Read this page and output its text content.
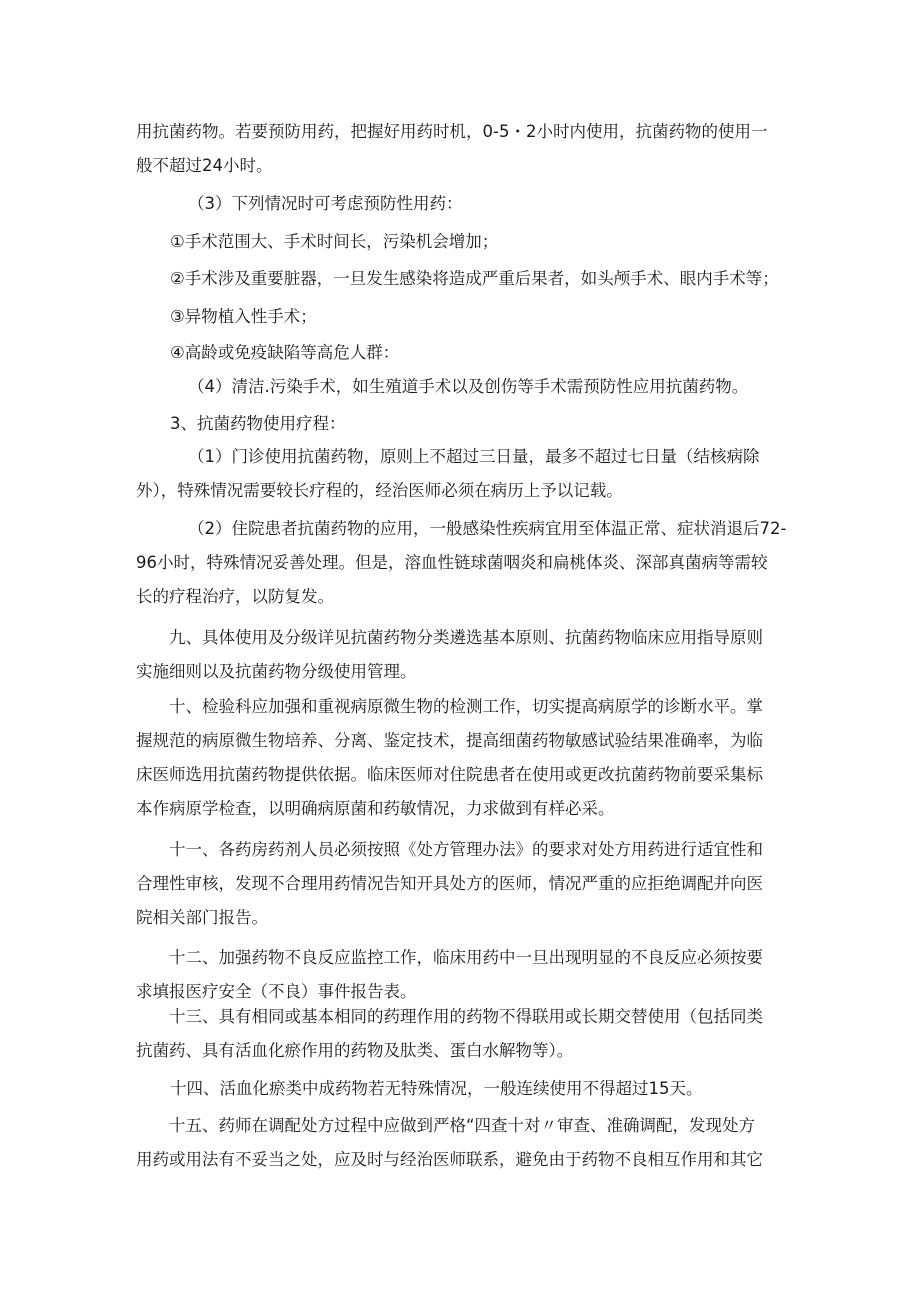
用抗菌药物。若要预防用药，把握好用药时机，0-5・2小时内使用，抗菌药物的使用一
般不超过24小时。

（3）下列情况时可考虑预防性用药：

①手术范围大、手术时间长，污染机会增加；

②手术涉及重要脏器，一旦发生感染将造成严重后果者，如头颅手术、眼内手术等；

③异物植入性手术；

④高龄或免疫缺陷等高危人群：

（4）清洁.污染手术，如生殖道手术以及创伤等手术需预防性应用抗菌药物。

3、抗菌药物使用疗程：

（1）门诊使用抗菌药物，原则上不超过三日量，最多不超过七日量（结核病除
外），特殊情况需要较长疗程的，经治医师必须在病历上予以记载。

（2）住院患者抗菌药物的应用，一般感染性疾病宜用至体温正常、症状消退后72-
96小时，特殊情况妥善处理。但是，溶血性链球菌咽炎和扁桃体炎、深部真菌病等需较
长的疗程治疗，以防复发。

九、具体使用及分级详见抗菌药物分类遴选基本原则、抗菌药物临床应用指导原则
实施细则以及抗菌药物分级使用管理。

十、检验科应加强和重视病原微生物的检测工作，切实提高病原学的诊断水平。掌
握规范的病原微生物培养、分离、鉴定技术，提高细菌药物敏感试验结果准确率，为临
床医师选用抗菌药物提供依据。临床医师对住院患者在使用或更改抗菌药物前要采集标
本作病原学检查，以明确病原菌和药敏情况，力求做到有样必采。

十一、各药房药剂人员必须按照《处方管理办法》的要求对处方用药进行适宜性和
合理性审核，发现不合理用药情况告知开具处方的医师，情况严重的应拒绝调配并向医
院相关部门报告。

十二、加强药物不良反应监控工作，临床用药中一旦出现明显的不良反应必须按要
求填报医疗安全（不良）事件报告表。

十三、具有相同或基本相同的药理作用的药物不得联用或长期交替使用（包括同类
抗菌药、具有活血化瘀作用的药物及肽类、蛋白水解物等）。

十四、活血化瘀类中成药物若无特殊情况，一般连续使用不得超过15天。

十五、药师在调配处方过程中应做到严格“四查十对〃审查、准确调配，发现处方
用药或用法有不妥当之处，应及时与经治医师联系，避免由于药物不良相互作用和其它
